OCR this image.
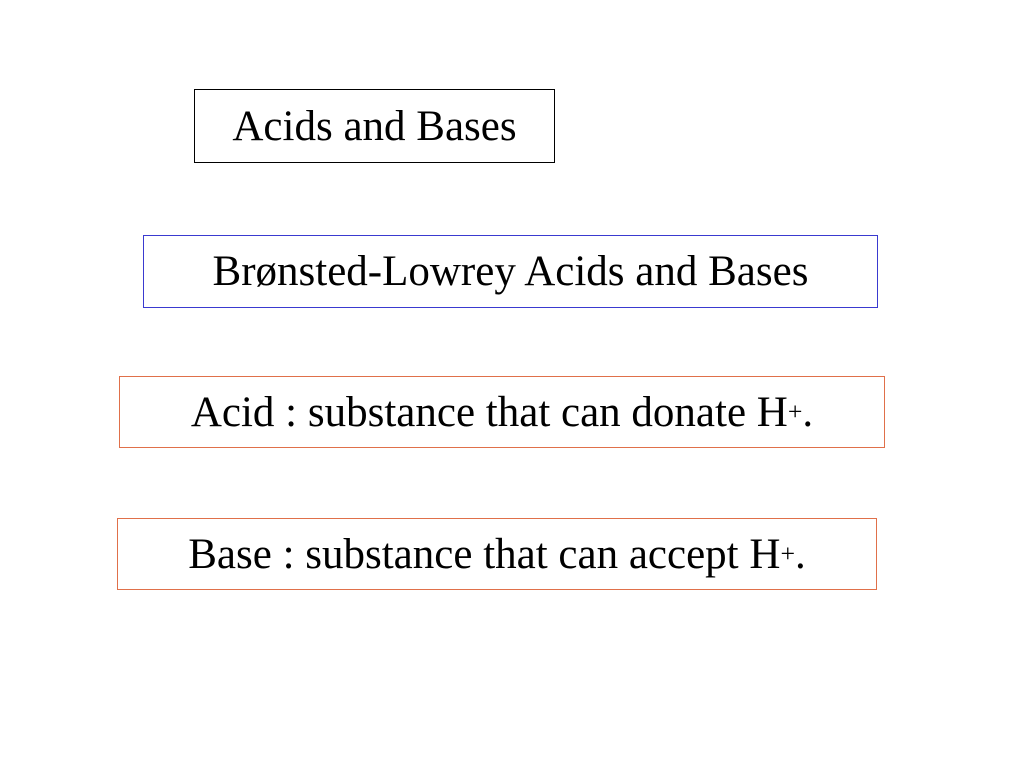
Acids and Bases
Brønsted-Lowrey Acids and Bases
Acid : substance that can donate H + .
Base : substance that can accept H + .
